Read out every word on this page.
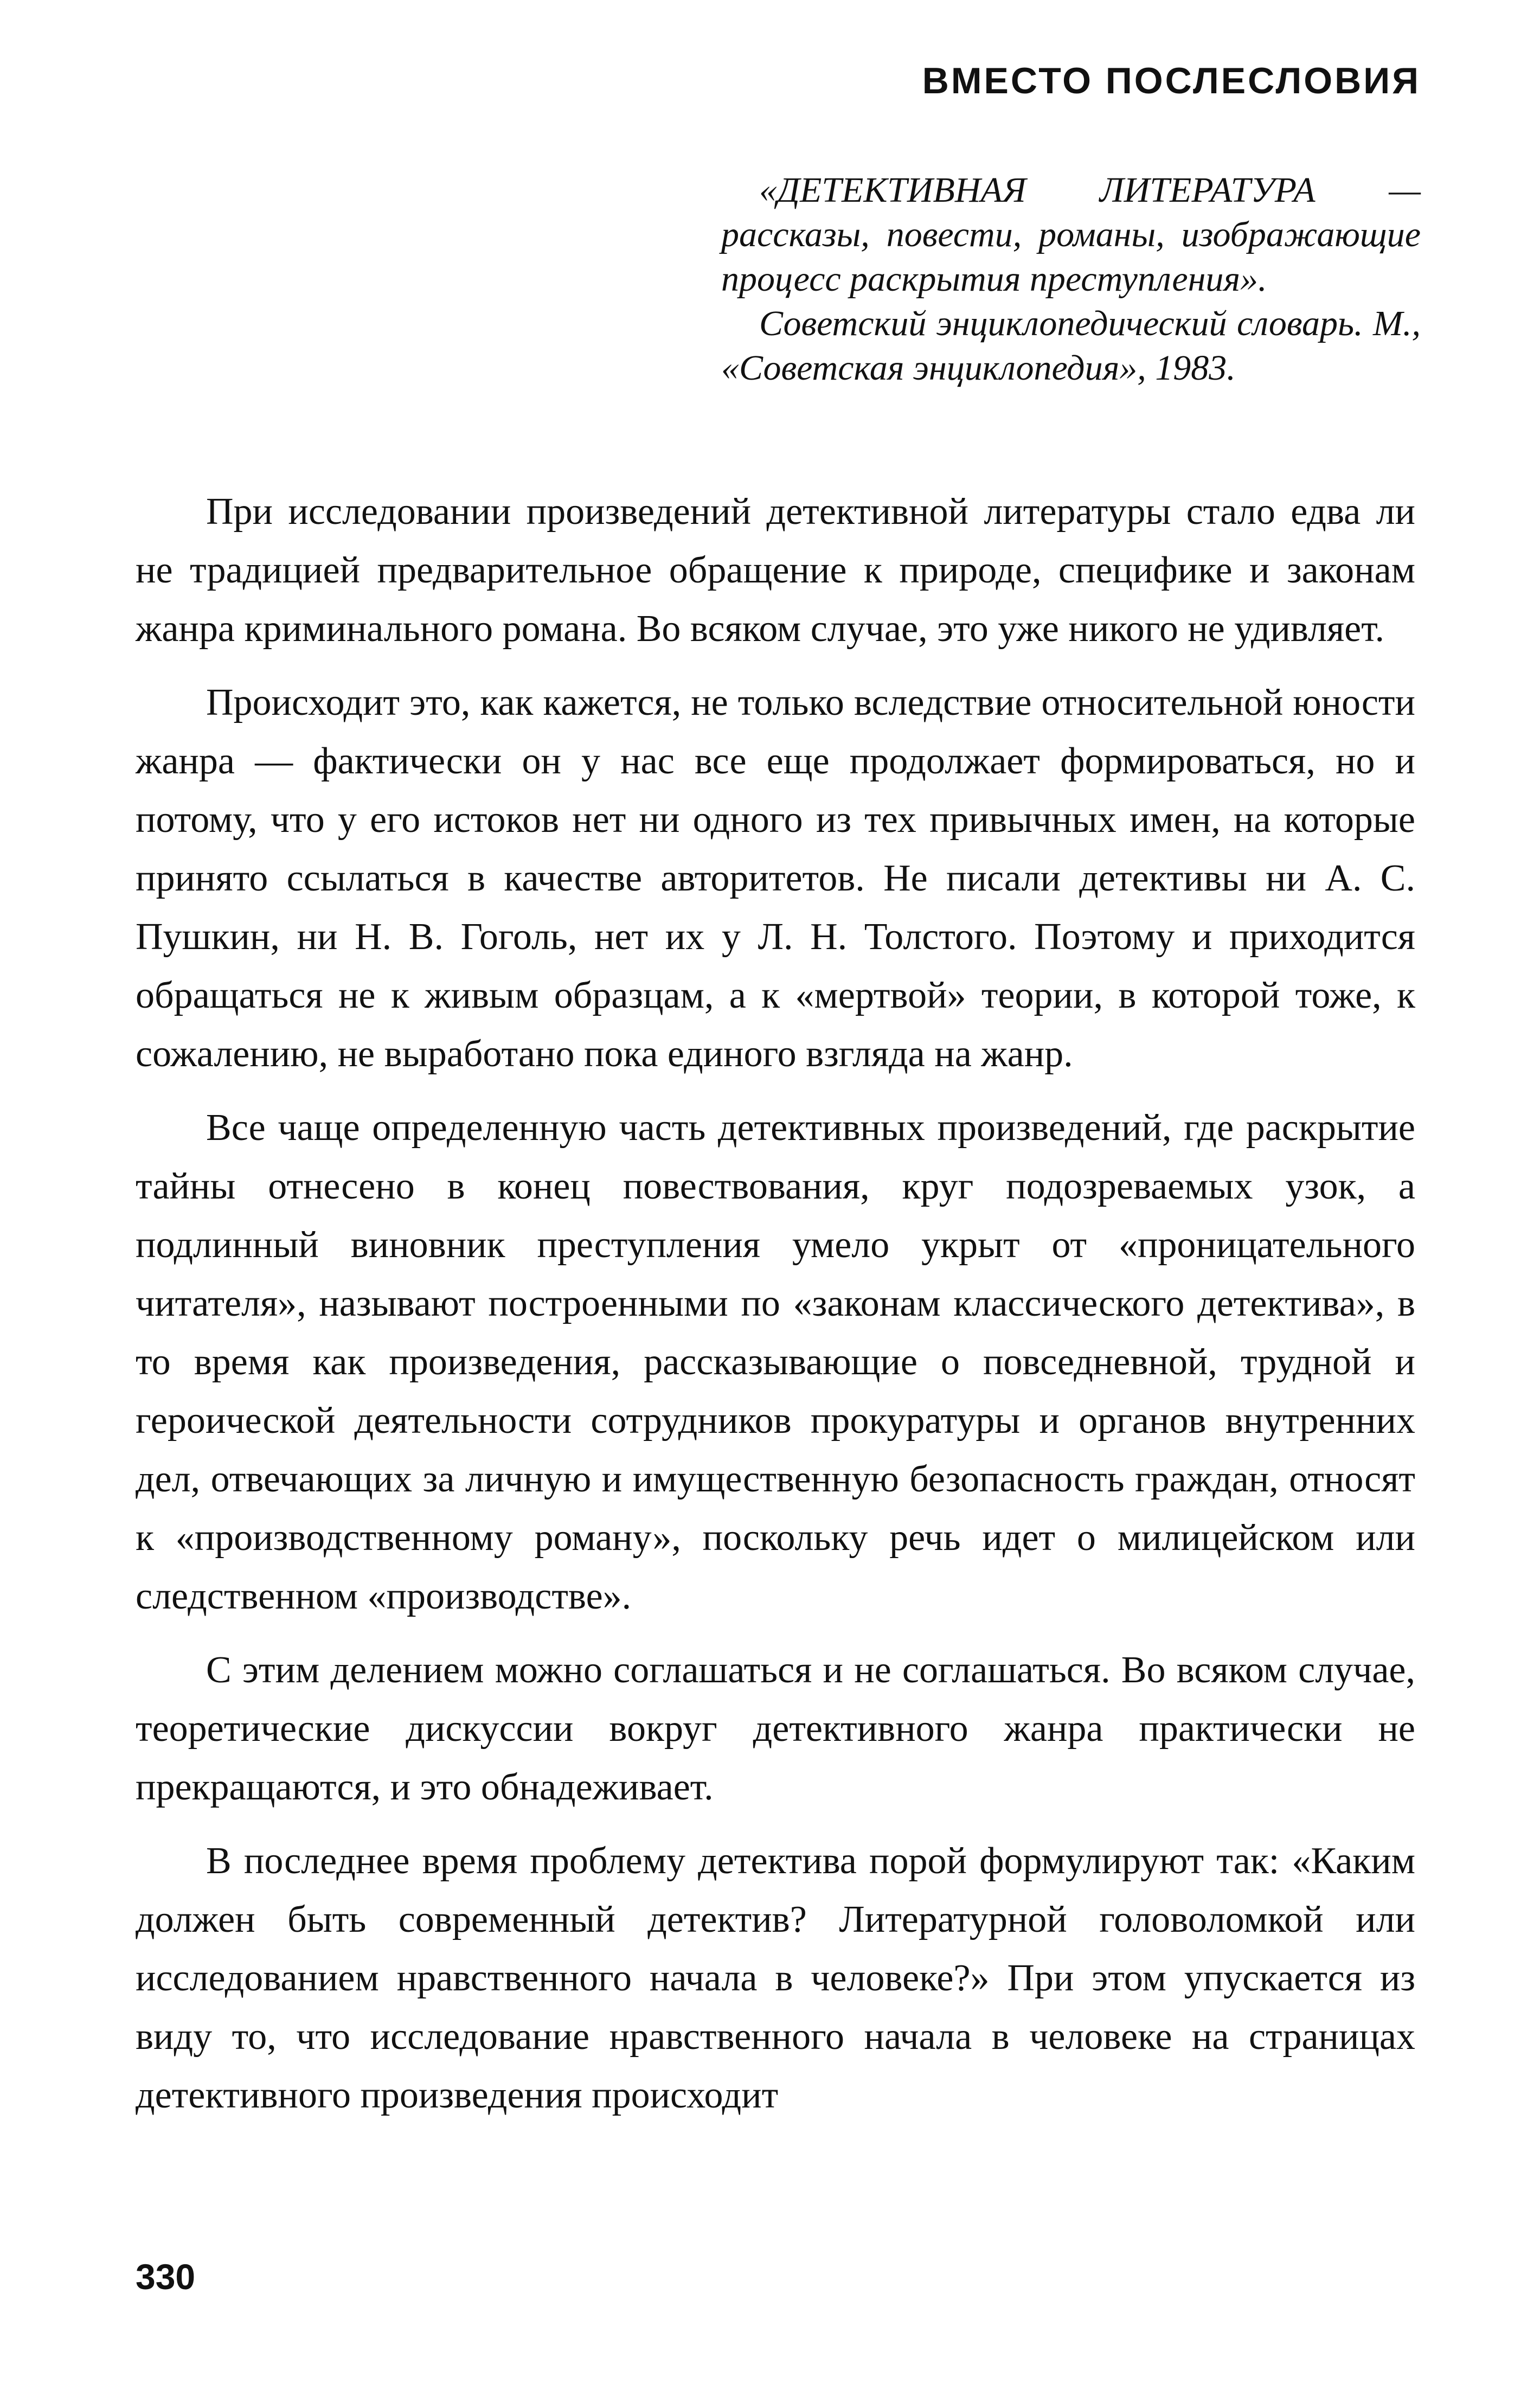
ВМЕСТО ПОСЛЕСЛОВИЯ

«ДЕТЕКТИВНАЯ ЛИТЕРАТУРА — рассказы, повести, романы, изображающие процесс раскрытия преступления».

Советский энциклопедический словарь. М., «Советская энциклопедия», 1983.

При исследовании произведений детективной литературы стало едва ли не традицией предварительное обращение к природе, специфике и законам жанра криминального романа. Во всяком случае, это уже никого не удивляет.

Происходит это, как кажется, не только вследствие относительной юности жанра — фактически он у нас все еще продолжает формироваться, но и потому, что у его истоков нет ни одного из тех привычных имен, на которые принято ссылаться в качестве авторитетов. Не писали детективы ни А. С. Пушкин, ни Н. В. Гоголь, нет их у Л. Н. Толстого. Поэтому и приходится обращаться не к живым образцам, а к «мертвой» теории, в которой тоже, к сожалению, не выработано пока единого взгляда на жанр.

Все чаще определенную часть детективных произведений, где раскрытие тайны отнесено в конец повествования, круг подозреваемых узок, а подлинный виновник преступления умело укрыт от «проницательного читателя», называют построенными по «законам классического детектива», в то время как произведения, рассказывающие о повседневной, трудной и героической деятельности сотрудников прокуратуры и органов внутренних дел, отвечающих за личную и имущественную безопасность граждан, относят к «производственному роману», поскольку речь идет о милицейском или следственном «производстве».

С этим делением можно соглашаться и не соглашаться. Во всяком случае, теоретические дискуссии вокруг детективного жанра практически не прекращаются, и это обнадеживает.

В последнее время проблему детектива порой формулируют так: «Каким должен быть современный детектив? Литературной головоломкой или исследованием нравственного начала в человеке?» При этом упускается из виду то, что исследование нравственного начала в человеке на страницах детективного произведения происходит

330
